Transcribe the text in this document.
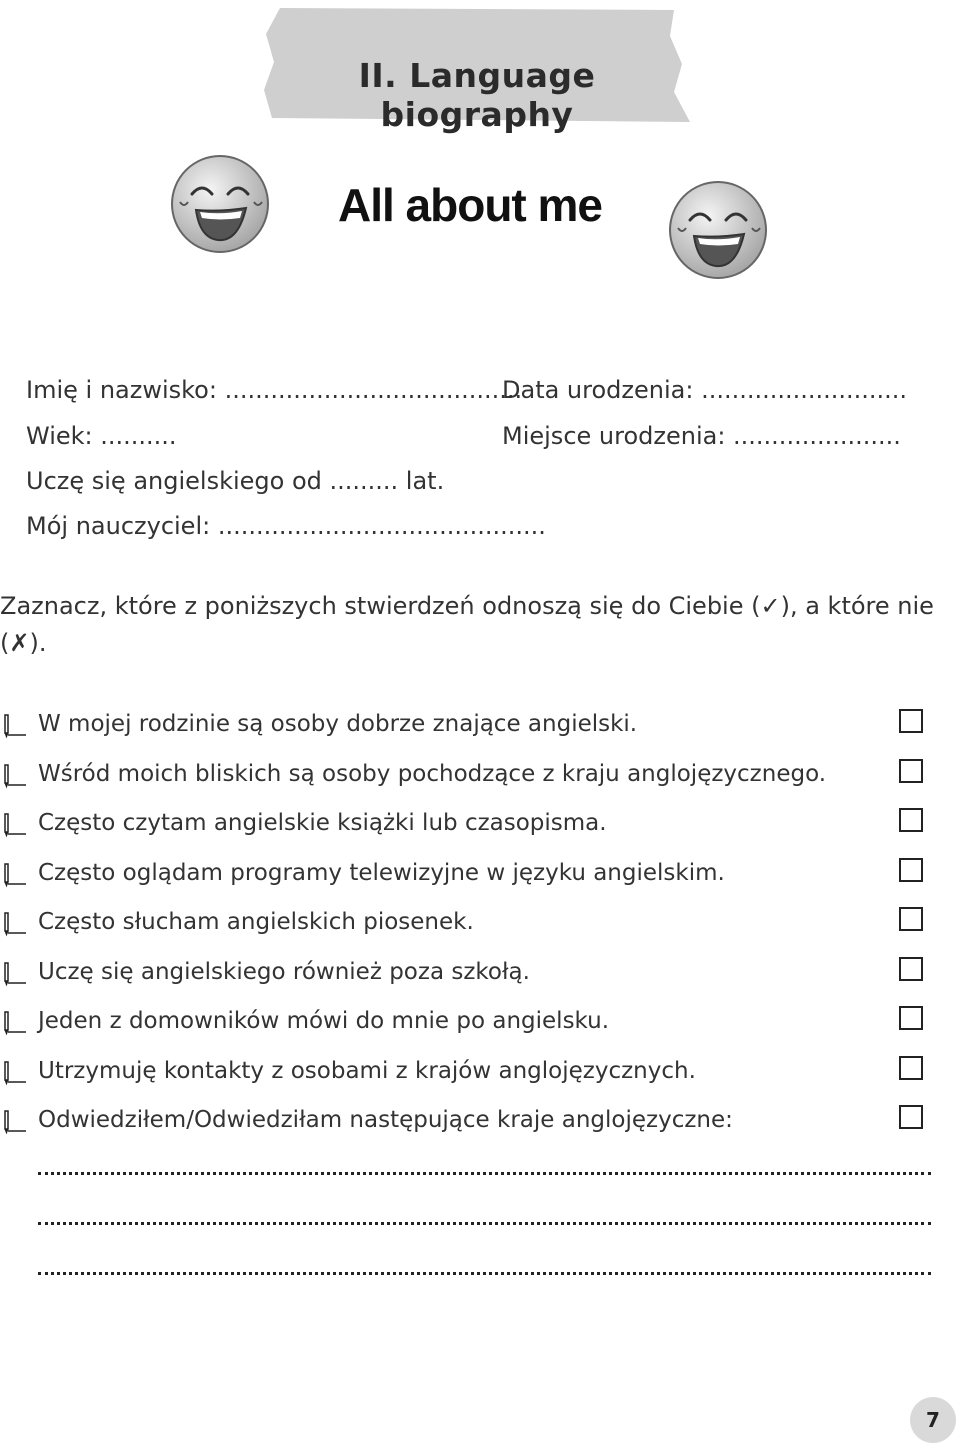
II. Language biography
All about me
Imię i nazwisko: .......................................
Data urodzenia: ...........................
Wiek: ..........	Miejsce urodzenia: ......................
Uczę się angielskiego od ......... lat.
Mój nauczyciel: ...........................................
Zaznacz, które z poniższych stwierdzeń odnoszą się do Ciebie (✓), a które nie (✗).
W mojej rodzinie są osoby dobrze znające angielski.
Wśród moich bliskich są osoby pochodzące z kraju anglojęzycznego.
Często czytam angielskie książki lub czasopisma.
Często oglądam programy telewizyjne w języku angielskim.
Często słucham angielskich piosenek.
Uczę się angielskiego również poza szkołą.
Jeden z domowników mówi do mnie po angielsku.
Utrzymuję kontakty z osobami z krajów anglojęzycznych.
Odwiedziłem/Odwiedziłam następujące kraje anglojęzyczne:
7
